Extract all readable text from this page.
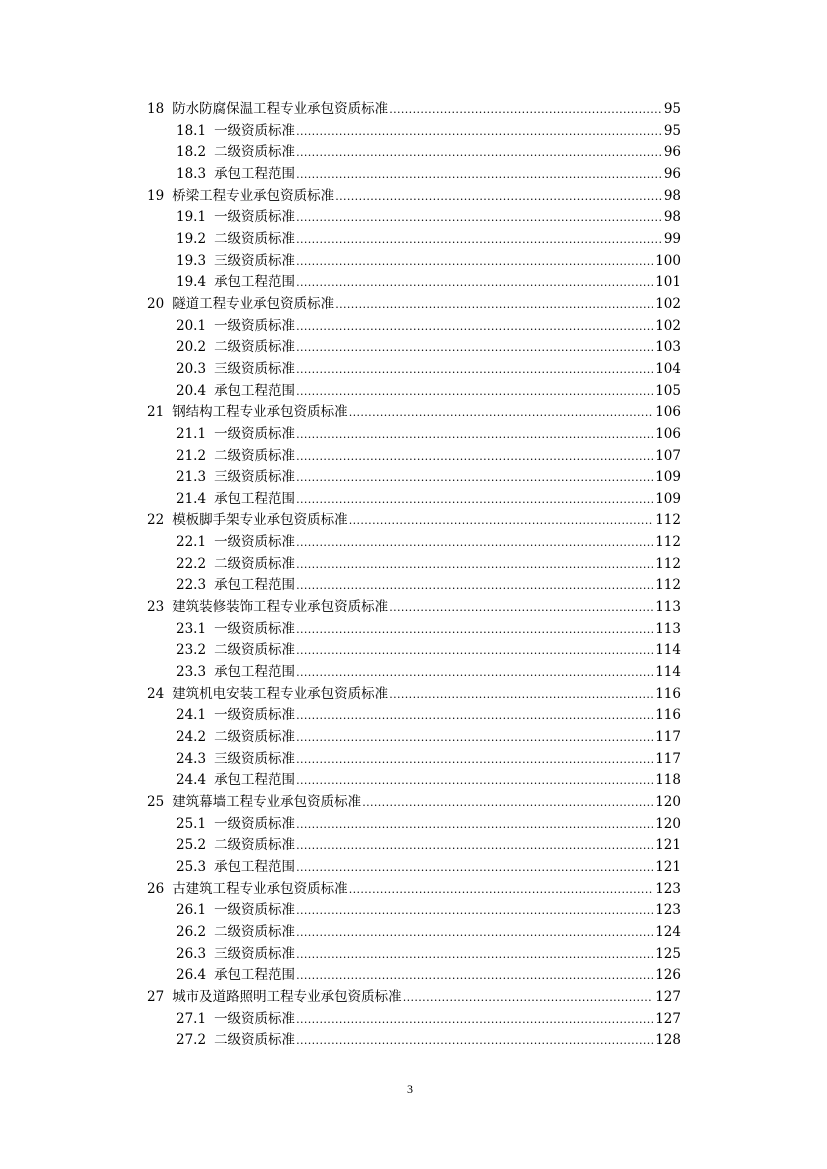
18 防水防腐保温工程专业承包资质标准 .....	95
18.1 一级资质标准 .....	95
18.2 二级资质标准 .....	96
18.3 承包工程范围 .....	96
19 桥梁工程专业承包资质标准 .....	98
19.1 一级资质标准 .....	98
19.2 二级资质标准 .....	99
19.3 三级资质标准 .....	100
19.4 承包工程范围 .....	101
20 隧道工程专业承包资质标准 .....	102
20.1 一级资质标准 .....	102
20.2 二级资质标准 .....	103
20.3 三级资质标准 .....	104
20.4 承包工程范围 .....	105
21 钢结构工程专业承包资质标准 .....	106
21.1 一级资质标准 .....	106
21.2 二级资质标准 .....	107
21.3 三级资质标准 .....	109
21.4 承包工程范围 .....	109
22 模板脚手架专业承包资质标准 .....	112
22.1 一级资质标准 .....	112
22.2 二级资质标准 .....	112
22.3 承包工程范围 .....	112
23 建筑装修装饰工程专业承包资质标准 .....	113
23.1 一级资质标准 .....	113
23.2 二级资质标准 .....	114
23.3 承包工程范围 .....	114
24 建筑机电安装工程专业承包资质标准 .....	116
24.1 一级资质标准 .....	116
24.2 二级资质标准 .....	117
24.3 三级资质标准 .....	117
24.4 承包工程范围 .....	118
25 建筑幕墙工程专业承包资质标准 .....	120
25.1 一级资质标准 .....	120
25.2 二级资质标准 .....	121
25.3 承包工程范围 .....	121
26 古建筑工程专业承包资质标准 .....	123
26.1 一级资质标准 .....	123
26.2 二级资质标准 .....	124
26.3 三级资质标准 .....	125
26.4 承包工程范围 .....	126
27 城市及道路照明工程专业承包资质标准 .....	127
27.1 一级资质标准 .....	127
27.2 二级资质标准 .....	128
3
